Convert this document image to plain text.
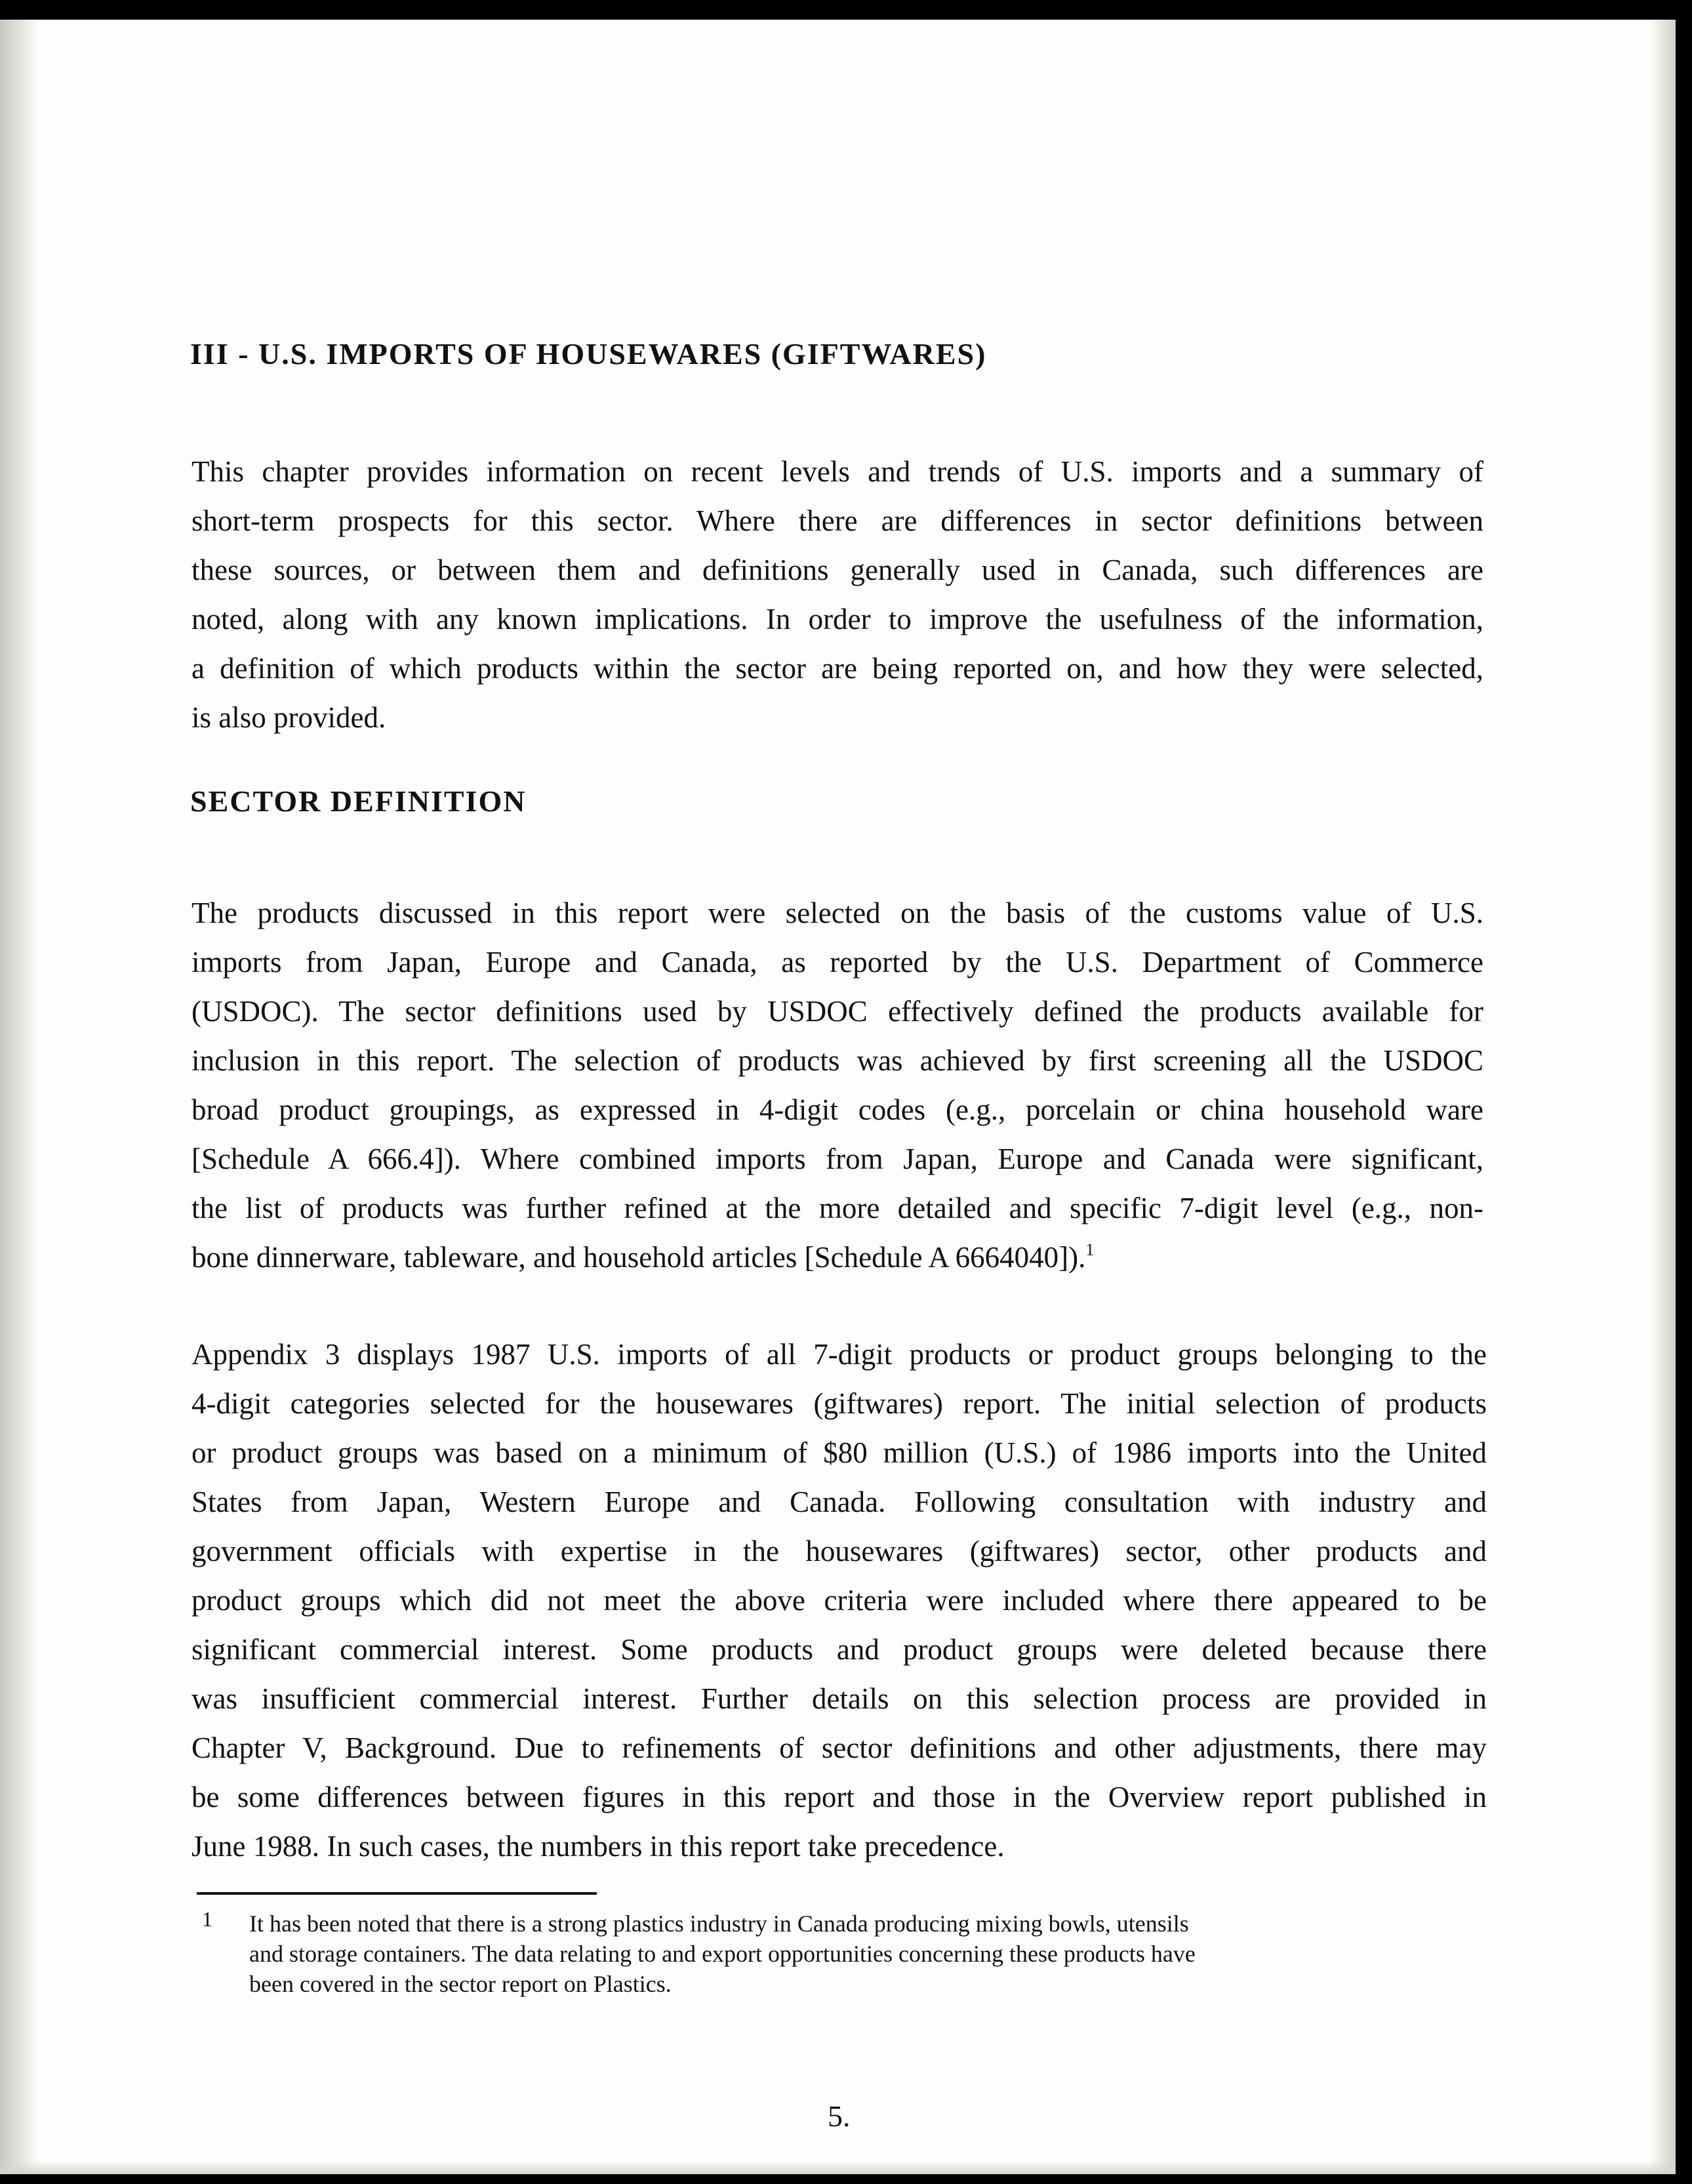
III - U.S. IMPORTS OF HOUSEWARES (GIFTWARES)
This chapter provides information on recent levels and trends of U.S. imports and a summary of
short-term prospects for this sector. Where there are differences in sector definitions between
these sources, or between them and definitions generally used in Canada, such differences are
noted, along with any known implications. In order to improve the usefulness of the information,
a definition of which products within the sector are being reported on, and how they were selected,
is also provided.
SECTOR DEFINITION
The products discussed in this report were selected on the basis of the customs value of U.S.
imports from Japan, Europe and Canada, as reported by the U.S. Department of Commerce
(USDOC). The sector definitions used by USDOC effectively defined the products available for
inclusion in this report. The selection of products was achieved by first screening all the USDOC
broad product groupings, as expressed in 4-digit codes (e.g., porcelain or china household ware
[Schedule A 666.4]). Where combined imports from Japan, Europe and Canada were significant,
the list of products was further refined at the more detailed and specific 7-digit level (e.g., non-
bone dinnerware, tableware, and household articles [Schedule A 6664040]).$^1$
Appendix 3 displays 1987 U.S. imports of all 7-digit products or product groups belonging to the
4-digit categories selected for the housewares (giftwares) report. The initial selection of products
or product groups was based on a minimum of $80 million (U.S.) of 1986 imports into the United
States from Japan, Western Europe and Canada. Following consultation with industry and
government officials with expertise in the housewares (giftwares) sector, other products and
product groups which did not meet the above criteria were included where there appeared to be
significant commercial interest. Some products and product groups were deleted because there
was insufficient commercial interest. Further details on this selection process are provided in
Chapter V, Background. Due to refinements of sector definitions and other adjustments, there may
be some differences between figures in this report and those in the Overview report published in
June 1988. In such cases, the numbers in this report take precedence.
1 It has been noted that there is a strong plastics industry in Canada producing mixing bowls, utensils
and storage containers. The data relating to and export opportunities concerning these products have
been covered in the sector report on Plastics.
5.
